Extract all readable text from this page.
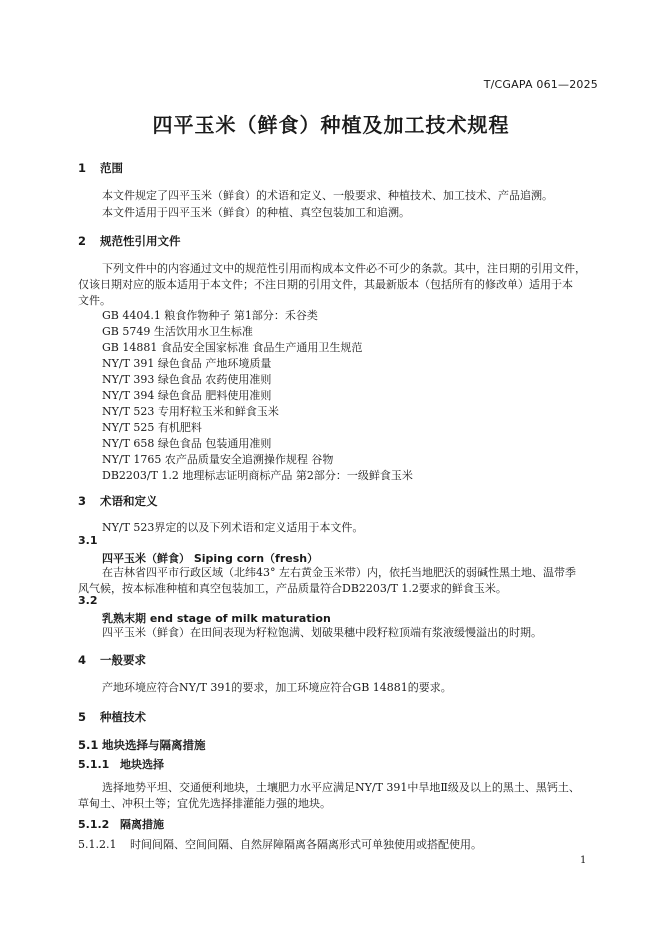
T/CGAPA 061—2025
四平玉米（鲜食）种植及加工技术规程
1 范围
本文件规定了四平玉米（鲜食）的术语和定义、一般要求、种植技术、加工技术、产品追溯。
本文件适用于四平玉米（鲜食）的种植、真空包装加工和追溯。
2 规范性引用文件
下列文件中的内容通过文中的规范性引用而构成本文件必不可少的条款。其中，注日期的引用文件，
仅该日期对应的版本适用于本文件；不注日期的引用文件，其最新版本（包括所有的修改单）适用于本
文件。
GB 4404.1 粮食作物种子 第1部分：禾谷类
GB 5749 生活饮用水卫生标准
GB 14881 食品安全国家标准 食品生产通用卫生规范
NY/T 391 绿色食品 产地环境质量
NY/T 393 绿色食品 农药使用准则
NY/T 394 绿色食品 肥料使用准则
NY/T 523 专用籽粒玉米和鲜食玉米
NY/T 525 有机肥料
NY/T 658 绿色食品 包装通用准则
NY/T 1765 农产品质量安全追溯操作规程 谷物
DB2203/T 1.2 地理标志证明商标产品 第2部分：一级鲜食玉米
3 术语和定义
NY/T 523界定的以及下列术语和定义适用于本文件。
3.1
四平玉米（鲜食） Siping corn（fresh）
在吉林省四平市行政区域（北纬43° 左右黄金玉米带）内，依托当地肥沃的弱碱性黑土地、温带季
风气候，按本标准种植和真空包装加工，产品质量符合DB2203/T 1.2要求的鲜食玉米。
3.2
乳熟末期 end stage of milk maturation
四平玉米（鲜食）在田间表现为籽粒饱满、划破果穗中段籽粒顶端有浆液缓慢溢出的时期。
4 一般要求
产地环境应符合NY/T 391的要求，加工环境应符合GB 14881的要求。
5 种植技术
5.1 地块选择与隔离措施
5.1.1 地块选择
选择地势平坦、交通便利地块，土壤肥力水平应满足NY/T 391中旱地Ⅱ级及以上的黑土、黑钙土、
草甸土、冲积土等；宜优先选择排灌能力强的地块。
5.1.2 隔离措施
5.1.2.1 时间间隔、空间间隔、自然屏障隔离各隔离形式可单独使用或搭配使用。
1
